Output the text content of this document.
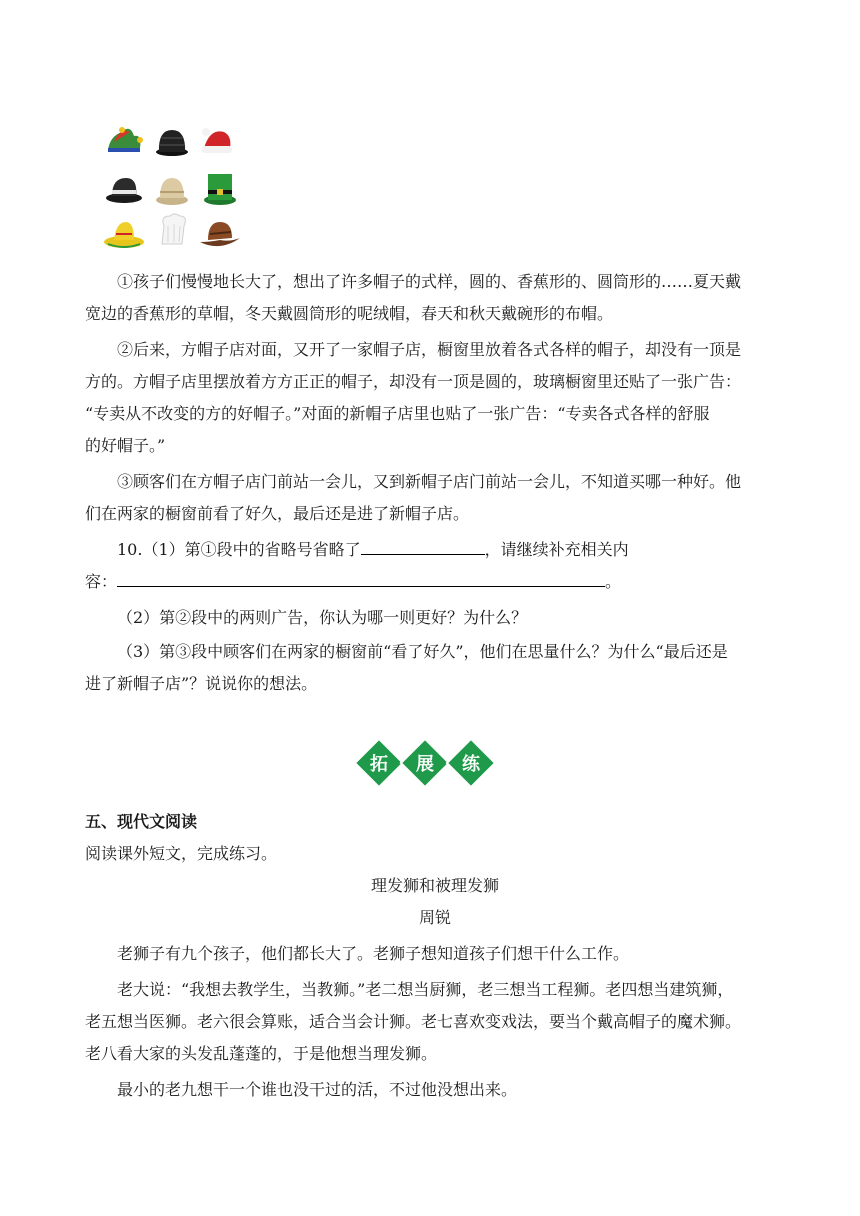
①孩子们慢慢地长大了，想出了许多帽子的式样，圆的、香蕉形的、圆筒形的……夏天戴

宽边的香蕉形的草帽，冬天戴圆筒形的呢绒帽，春天和秋天戴碗形的布帽。

②后来，方帽子店对面，又开了一家帽子店，橱窗里放着各式各样的帽子，却没有一顶是

方的。方帽子店里摆放着方方正正的帽子，却没有一顶是圆的，玻璃橱窗里还贴了一张广告：

“专卖从不改变的方的好帽子。”对面的新帽子店里也贴了一张广告：“专卖各式各样的舒服

的好帽子。”

③顾客们在方帽子店门前站一会儿，又到新帽子店门前站一会儿，不知道买哪一种好。他

们在两家的橱窗前看了好久，最后还是进了新帽子店。

10.（1）第①段中的省略号省略了	，请继续补充相关内

容：	。

（2）第②段中的两则广告，你认为哪一则更好？为什么？

（3）第③段中顾客们在两家的橱窗前“看了好久”，他们在思量什么？为什么“最后还是

进了新帽子店”？说说你的想法。

拓 展 练

五、现代文阅读

阅读课外短文，完成练习。

理发狮和被理发狮

周锐

老狮子有九个孩子，他们都长大了。老狮子想知道孩子们想干什么工作。

老大说：“我想去教学生，当教狮。”老二想当厨狮，老三想当工程狮。老四想当建筑狮，

老五想当医狮。老六很会算账，适合当会计狮。老七喜欢变戏法，要当个戴高帽子的魔术狮。

老八看大家的头发乱蓬蓬的，于是他想当理发狮。

最小的老九想干一个谁也没干过的活，不过他没想出来。
